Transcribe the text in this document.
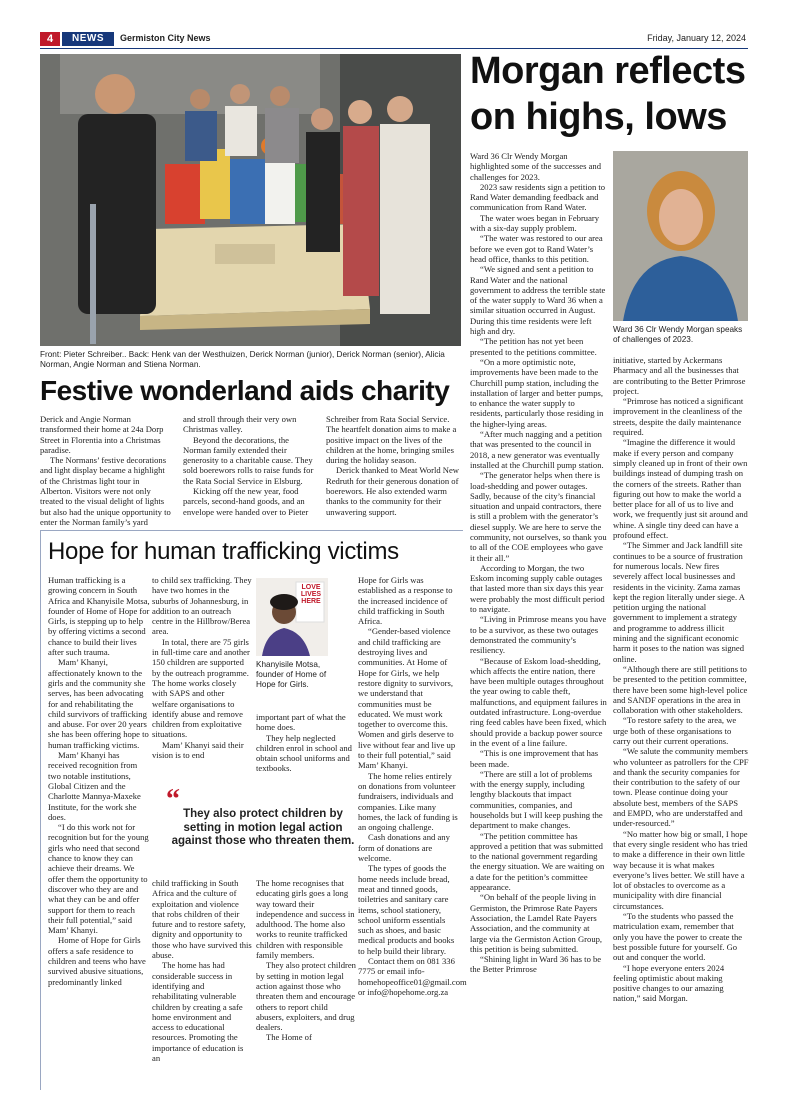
4	NEWS	Germiston City News	Friday, January 12, 2024
Front: Pieter Schreiber.. Back: Henk van der Westhuizen, Derick Norman (junior), Derick Norman (senior), Alicia Norman, Angie Norman and Stiena Norman.
Festive wonderland aids charity

Derick and Angie Norman transformed their home at 24a Dorp Street in Florentia into a Christmas paradise.

The Normans’ festive decorations and light display became a highlight of the Christmas light tour in Alberton. Visitors were not only treated to the visual delight of lights but also had the unique opportunity to enter the Norman family’s yard

and stroll through their very own Christmas valley.

Beyond the decorations, the Norman family extended their generosity to a charitable cause. They sold boerewors rolls to raise funds for the Rata Social Service in Elsburg.

Kicking off the new year, food parcels, second-hand goods, and an envelope were handed over to Pieter

Schreiber from Rata Social Service. The heartfelt donation aims to make a positive impact on the lives of the children at the home, bringing smiles during the holiday season.

Derick thanked to Meat World New Redruth for their generous donation of boerewors. He also extended warm thanks to the community for their unwavering support.

Morgan reflects
on highs, lows
Ward 36 Clr Wendy Morgan speaks of challenges of 2023.

Ward 36 Clr Wendy Morgan highlighted some of the successes and challenges for 2023.

2023 saw residents sign a petition to Rand Water demanding feedback and communication from Rand Water.

The water woes began in February with a six-day supply problem.

“The water was restored to our area before we even got to Rand Water’s head office, thanks to this petition.

“We signed and sent a petition to Rand Water and the national government to address the terrible state of the water supply to Ward 36 when a similar situation occurred in August. During this time residents were left high and dry.

“The petition has not yet been presented to the petitions committee.

“On a more optimistic note, improvements have been made to the Churchill pump station, including the installation of larger and better pumps, to enhance the water supply to residents, particularly those residing in the higher-lying areas.

“After much nagging and a petition that was presented to the council in 2018, a new generator was eventually installed at the Churchill pump station.

“The generator helps when there is load-shedding and power outages. Sadly, because of the city’s financial situation and unpaid contractors, there is still a problem with the generator’s diesel supply. We are here to serve the community, not ourselves, so thank you to all of the COE employees who gave it their all.”

According to Morgan, the two Eskom incoming supply cable outages that lasted more than six days this year were probably the most difficult period to navigate.

“Living in Primrose means you have to be a survivor, as these two outages demonstrated the community’s resiliency.

“Because of Eskom load-shedding, which affects the entire nation, there have been multiple outages throughout the year owing to cable theft, malfunctions, and equipment failures in outdated infrastructure. Long-overdue ring feed cables have been fixed, which should provide a backup power source in the event of a line failure.

“This is one improvement that has been made.

“There are still a lot of problems with the energy supply, including lengthy blackouts that impact communities, companies, and households but I will keep pushing the department to make changes.

“The petition committee has approved a petition that was submitted to the national government regarding the energy situation. We are waiting on a date for the petition’s committee appearance.

“On behalf of the people living in Germiston, the Primrose Rate Payers Association, the Lamdel Rate Payers Association, and the community at large via the Germiston Action Group, this petition is being submitted.

“Shining light in Ward 36 has to be the Better Primrose

initiative, started by Ackermans Pharmacy and all the businesses that are contributing to the Better Primrose project.

“Primrose has noticed a significant improvement in the cleanliness of the streets, despite the daily maintenance required.

“Imagine the difference it would make if every person and company simply cleaned up in front of their own buildings instead of dumping trash on the corners of the streets. Rather than figuring out how to make the world a better place for all of us to live and work, we frequently just sit around and whine. A single tiny deed can have a profound effect.

“The Simmer and Jack landfill site continues to be a source of frustration for numerous locals. New fires severely affect local businesses and residents in the vicinity. Zama zamas kept the region literally under siege. A petition urging the national government to implement a strategy and programme to address illicit mining and the significant economic harm it poses to the nation was signed online.

“Although there are still petitions to be presented to the petition committee, there have been some high-level police and SANDF operations in the area in collaboration with other stakeholders.

“To restore safety to the area, we urge both of these organisations to carry out their current operations.

“We salute the community members who volunteer as patrollers for the CPF and thank the security companies for their contribution to the safety of our town. Please continue doing your absolute best, members of the SAPS and EMPD, who are understaffed and under-resourced.”

“No matter how big or small, I hope that every single resident who has tried to make a difference in their own little way because it is what makes everyone’s lives better. We still have a lot of obstacles to overcome as a municipality with dire financial circumstances.

“To the students who passed the matriculation exam, remember that only you have the power to create the best possible future for yourself. Go out and conquer the world.

“I hope everyone enters 2024 feeling optimistic about making positive changes to our amazing nation,” said Morgan.

Hope for human trafficking victims

Human trafficking is a growing concern in South Africa and Khanyisile Motsa, founder of Home of Hope for Girls, is stepping up to help by offering victims a second chance to build their lives after such trauma.

Mam’ Khanyi, affectionately known to the girls and the community she serves, has been advocating for and rehabilitating the child survivors of trafficking and abuse. For over 20 years she has been offering hope to human trafficking victims.

Mam’ Khanyi has received recognition from two notable institutions, Global Citizen and the Charlotte Mannya-Maxeke Institute, for the work she does.

“I do this work not for recognition but for the young girls who need that second chance to know they can achieve their dreams. We offer them the opportunity to discover who they are and what they can be and offer support for them to reach their full potential,” said Mam’ Khanyi.

Home of Hope for Girls offers a safe residence to children and teens who have survived abusive situations, predominantly linked

to child sex trafficking. They have two homes in the suburbs of Johannesburg, in addition to an outreach centre in the Hillbrow/Berea area.

In total, there are 75 girls in full-time care and another 150 children are supported by the outreach programme. The home works closely with SAPS and other welfare organisations to identify abuse and remove children from exploitative situations.

Mam’ Khanyi said their vision is to end

LOVE LIVES HERE
Khanyisile Motsa, founder of Home of Hope for Girls.

important part of what the home does.

They help neglected children enrol in school and obtain school uniforms and textbooks.

“ They also protect children by setting in motion legal action against those who threaten them.

child trafficking in South Africa and the culture of exploitation and violence that robs children of their future and to restore safety, dignity and opportunity to those who have survived this abuse.

The home has had considerable success in identifying and rehabilitating vulnerable children by creating a safe home environment and access to educational resources. Promoting the importance of education is an

The home recognises that educating girls goes a long way toward their independence and success in adulthood. The home also works to reunite trafficked children with responsible family members.

They also protect children by setting in motion legal action against those who threaten them and encourage others to report child abusers, exploiters, and drug dealers.

The Home of

Hope for Girls was established as a response to the increased incidence of child trafficking in South Africa.

“Gender-based violence and child trafficking are destroying lives and communities. At Home of Hope for Girls, we help restore dignity to survivors, we understand that communities must be educated. We must work together to overcome this. Women and girls deserve to live without fear and live up to their full potential,” said Mam’ Khanyi.

The home relies entirely on donations from volunteer fundraisers, individuals and companies. Like many homes, the lack of funding is an ongoing challenge.

Cash donations and any form of donations are welcome.

The types of goods the home needs include bread, meat and tinned goods, toiletries and sanitary care items, school stationery, school uniform essentials such as shoes, and basic medical products and books to help build their library.

Contact them on 081 336 7775 or email info-homehopeoffice01@gmail.com or info@hopehome.org.za
